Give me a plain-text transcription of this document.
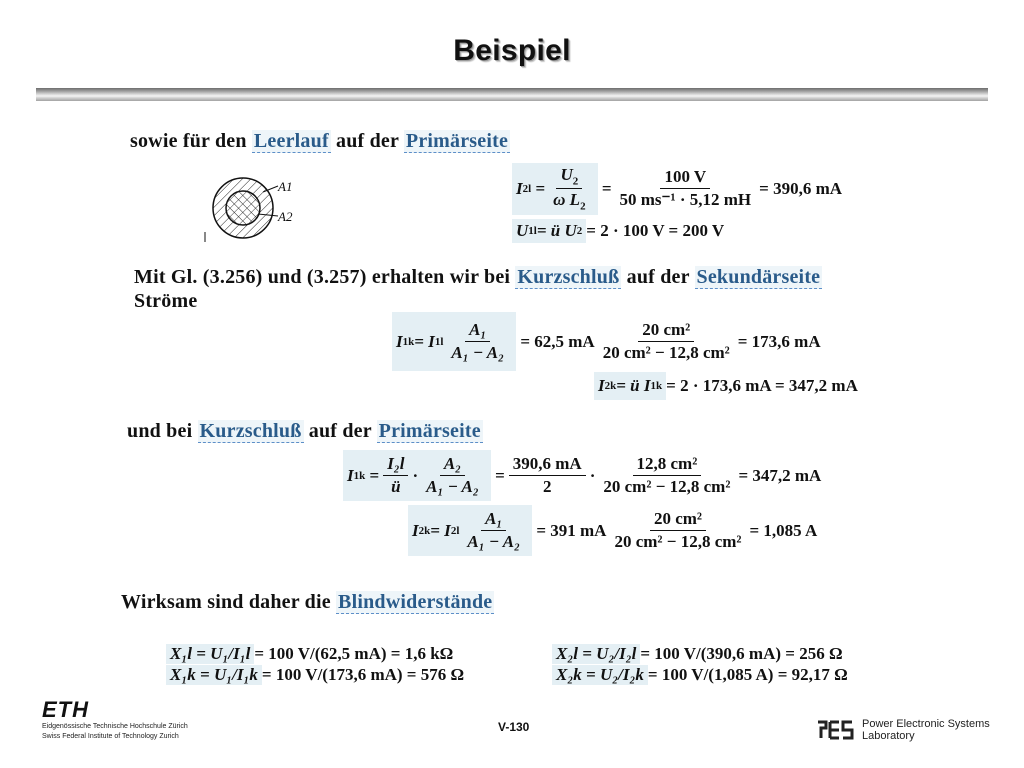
Beispiel
sowie für den Leerlauf auf der Primärseite
A1
A2
I $2l = \frac{U_2}{\omega L_2} = \frac{100 V}{\text{50 ms⁻¹ · 5,12 mH}} = 390,6$ mA
U 1l = ü U 2 = 2 · 100 V = 200 V
Mit Gl. (3.256) und (3.257) erhalten wir bei Kurzschluß auf der Sekundärseite
Ströme
I 1k = I $1l \frac{\text{A₁}}{\text{A₁ − A₂}}$
= 62,5 mA $\frac{\text{20 cm²}}{\text{20 cm² − 12,8 cm²}} = 173,6$ mA
I 2k = ü I 1k = 2 · 173,6 mA = 347,2 mA
und bei Kurzschluß auf der Primärseite
I $1k = \frac{\text{I₂l}}{ü} \cdot \frac{\text{A₂}}{\text{A₁ − A₂}} = \frac{390,6 mA}{2} \cdot \frac{\text{12,8 cm²}}{\text{20 cm² − 12,8 cm²}} = 347,2$ mA
I 2k = I $2l \frac{\text{A₁}}{\text{A₁ − A₂}}$
= 391 mA $\frac{\text{20 cm²}}{\text{20 cm² − 12,8 cm²}} = 1,085$ A
Wirksam sind daher die Blindwiderstände
X₁l = U₁/I₁l = 100 V/(62,5 mA) = 1,6 kΩ
X₁k = U₁/I₁k = 100 V/(173,6 mA) = 576 Ω
X₂l = U₂/I₂l = 100 V/(390,6 mA) = 256 Ω
X₂k = U₂/I₂k = 100 V/(1,085 A) = 92,17 Ω
ETH
Eidgenössische Technische Hochschule Zürich
Swiss Federal Institute of Technology Zurich
V-130	Power Electronic Systems
Laboratory
